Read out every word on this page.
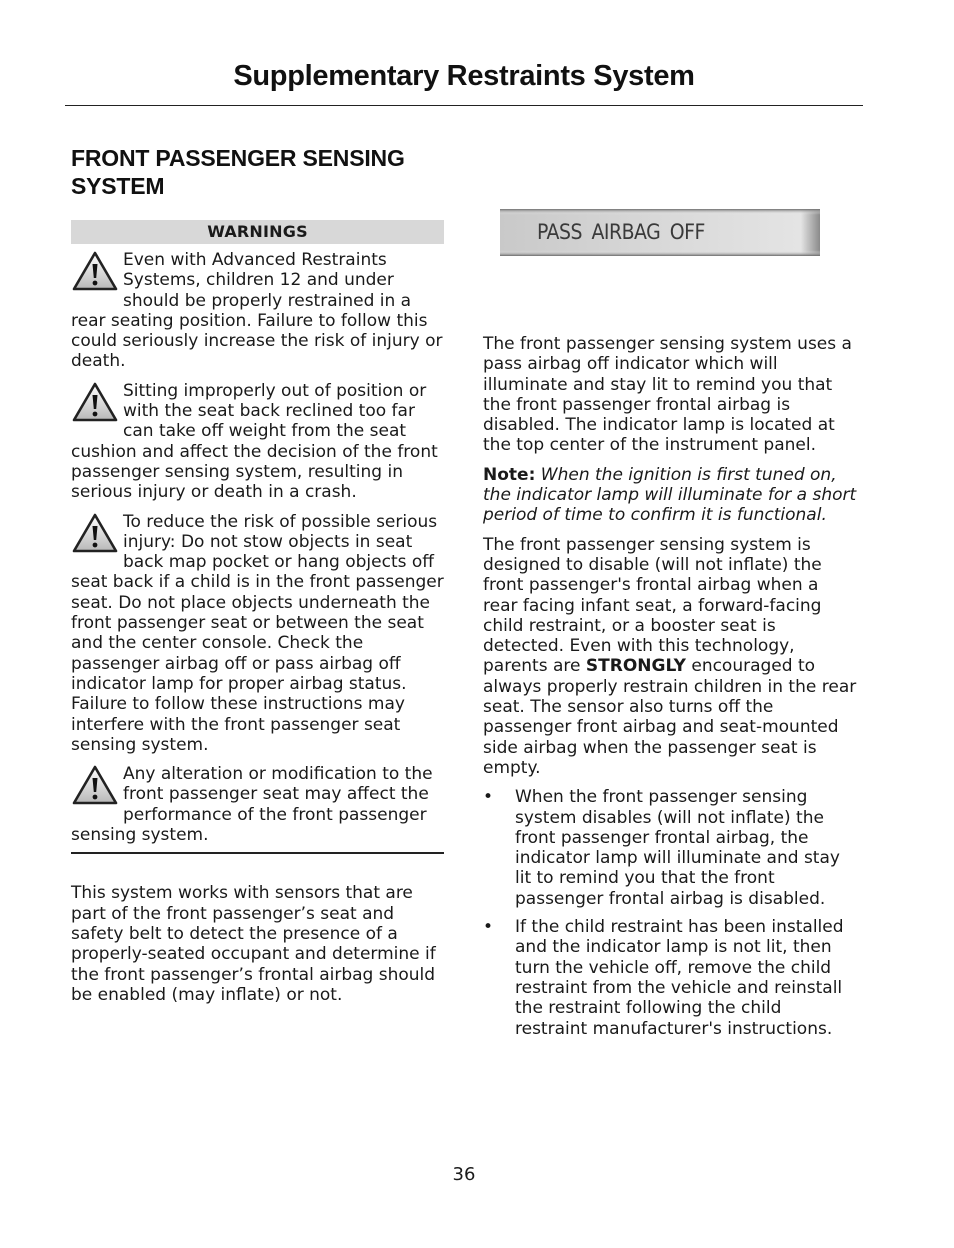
Supplementary Restraints System
FRONT PASSENGER SENSING SYSTEM
WARNINGS

Even with Advanced Restraints Systems, children 12 and under should be properly restrained in a rear seating position. Failure to follow this could seriously increase the risk of injury or death.

Sitting improperly out of position or with the seat back reclined too far can take off weight from the seat cushion and affect the decision of the front passenger sensing system, resulting in serious injury or death in a crash.

To reduce the risk of possible serious injury: Do not stow objects in seat back map pocket or hang objects off seat back if a child is in the front passenger seat. Do not place objects underneath the front passenger seat or between the seat and the center console. Check the passenger airbag off or pass airbag off indicator lamp for proper airbag status. Failure to follow these instructions may interfere with the front passenger seat sensing system.

Any alteration or modification to the front passenger seat may affect the performance of the front passenger sensing system.

This system works with sensors that are part of the front passenger’s seat and safety belt to detect the presence of a properly-seated occupant and determine if the front passenger’s frontal airbag should be enabled (may inflate) or not.

PASS AIRBAG OFF

The front passenger sensing system uses a pass airbag off indicator which will illuminate and stay lit to remind you that the front passenger frontal airbag is disabled. The indicator lamp is located at the top center of the instrument panel.

Note: When the ignition is first tuned on, the indicator lamp will illuminate for a short period of time to confirm it is functional.

The front passenger sensing system is designed to disable (will not inflate) the front passenger's frontal airbag when a rear facing infant seat, a forward-facing child restraint, or a booster seat is detected. Even with this technology, parents are STRONGLY encouraged to always properly restrain children in the rear seat. The sensor also turns off the passenger front airbag and seat-mounted side airbag when the passenger seat is empty.

• When the front passenger sensing system disables (will not inflate) the front passenger frontal airbag, the indicator lamp will illuminate and stay lit to remind you that the front passenger frontal airbag is disabled.
• If the child restraint has been installed and the indicator lamp is not lit, then turn the vehicle off, remove the child restraint from the vehicle and reinstall the restraint following the child restraint manufacturer's instructions.
36
